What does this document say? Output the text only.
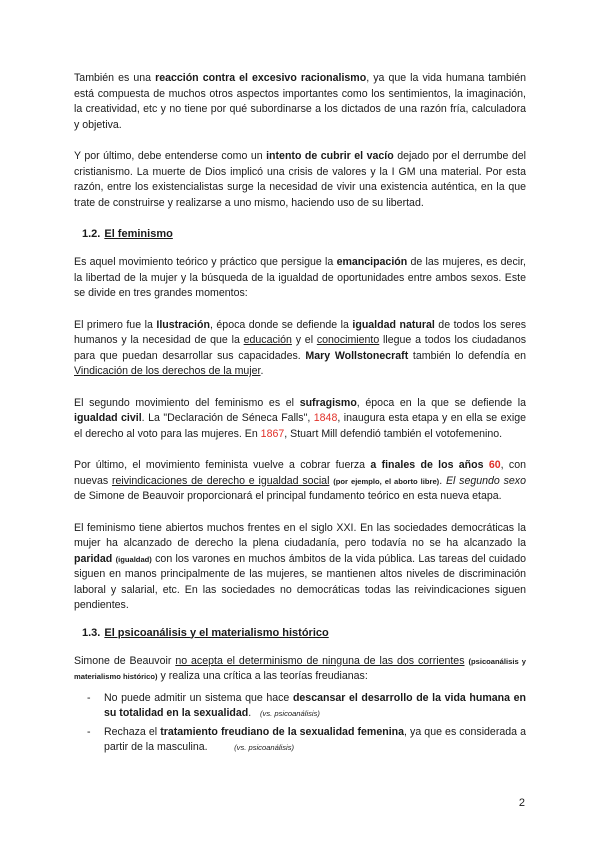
También es una reacción contra el excesivo racionalismo, ya que la vida humana también está compuesta de muchos otros aspectos importantes como los sentimientos, la imaginación, la creatividad, etc y no tiene por qué subordinarse a los dictados de una razón fría, calculadora y objetiva.

Y por último, debe entenderse como un intento de cubrir el vacío dejado por el derrumbe del cristianismo. La muerte de Dios implicó una crisis de valores y la I GM una material. Por esta razón, entre los existencialistas surge la necesidad de vivir una existencia auténtica, en la que trate de construirse y realizarse a uno mismo, haciendo uso de su libertad.

1.2. El feminismo

Es aquel movimiento teórico y práctico que persigue la emancipación de las mujeres, es decir, la libertad de la mujer y la búsqueda de la igualdad de oportunidades entre ambos sexos. Este se divide en tres grandes momentos:

El primero fue la Ilustración, época donde se defiende la igualdad natural de todos los seres humanos y la necesidad de que la educación y el conocimiento llegue a todos los ciudadanos para que puedan desarrollar sus capacidades. Mary Wollstonecraft también lo defendía en Vindicación de los derechos de la mujer.

El segundo movimiento del feminismo es el sufragismo, época en la que se defiende la igualdad civil. La "Declaración de Séneca Falls", 1848, inaugura esta etapa y en ella se exige el derecho al voto para las mujeres. En 1867, Stuart Mill defendió también el votofemenino.

Por último, el movimiento feminista vuelve a cobrar fuerza a finales de los años 60, con nuevas reivindicaciones de derecho e igualdad social (por ejemplo, el aborto libre). El segundo sexo de Simone de Beauvoir proporcionará el principal fundamento teórico en esta nueva etapa.

El feminismo tiene abiertos muchos frentes en el siglo XXI. En las sociedades democráticas la mujer ha alcanzado de derecho la plena ciudadanía, pero todavía no se ha alcanzado la paridad (igualdad) con los varones en muchos ámbitos de la vida pública. Las tareas del cuidado siguen en manos principalmente de las mujeres, se mantienen altos niveles de discriminación laboral y salarial, etc. En las sociedades no democráticas todas las reivindicaciones siguen pendientes.

1.3. El psicoanálisis y el materialismo histórico

Simone de Beauvoir no acepta el determinismo de ninguna de las dos corrientes (psicoanálisis y materialismo histórico) y realiza una crítica a las teorías freudianas:

- No puede admitir un sistema que hace descansar el desarrollo de la vida humana en su totalidad en la sexualidad.   (vs. psicoanálisis)
- Rechaza el tratamiento freudiano de la sexualidad femenina, ya que es considerada a partir de la masculina.         (vs. psicoanálisis)
2
